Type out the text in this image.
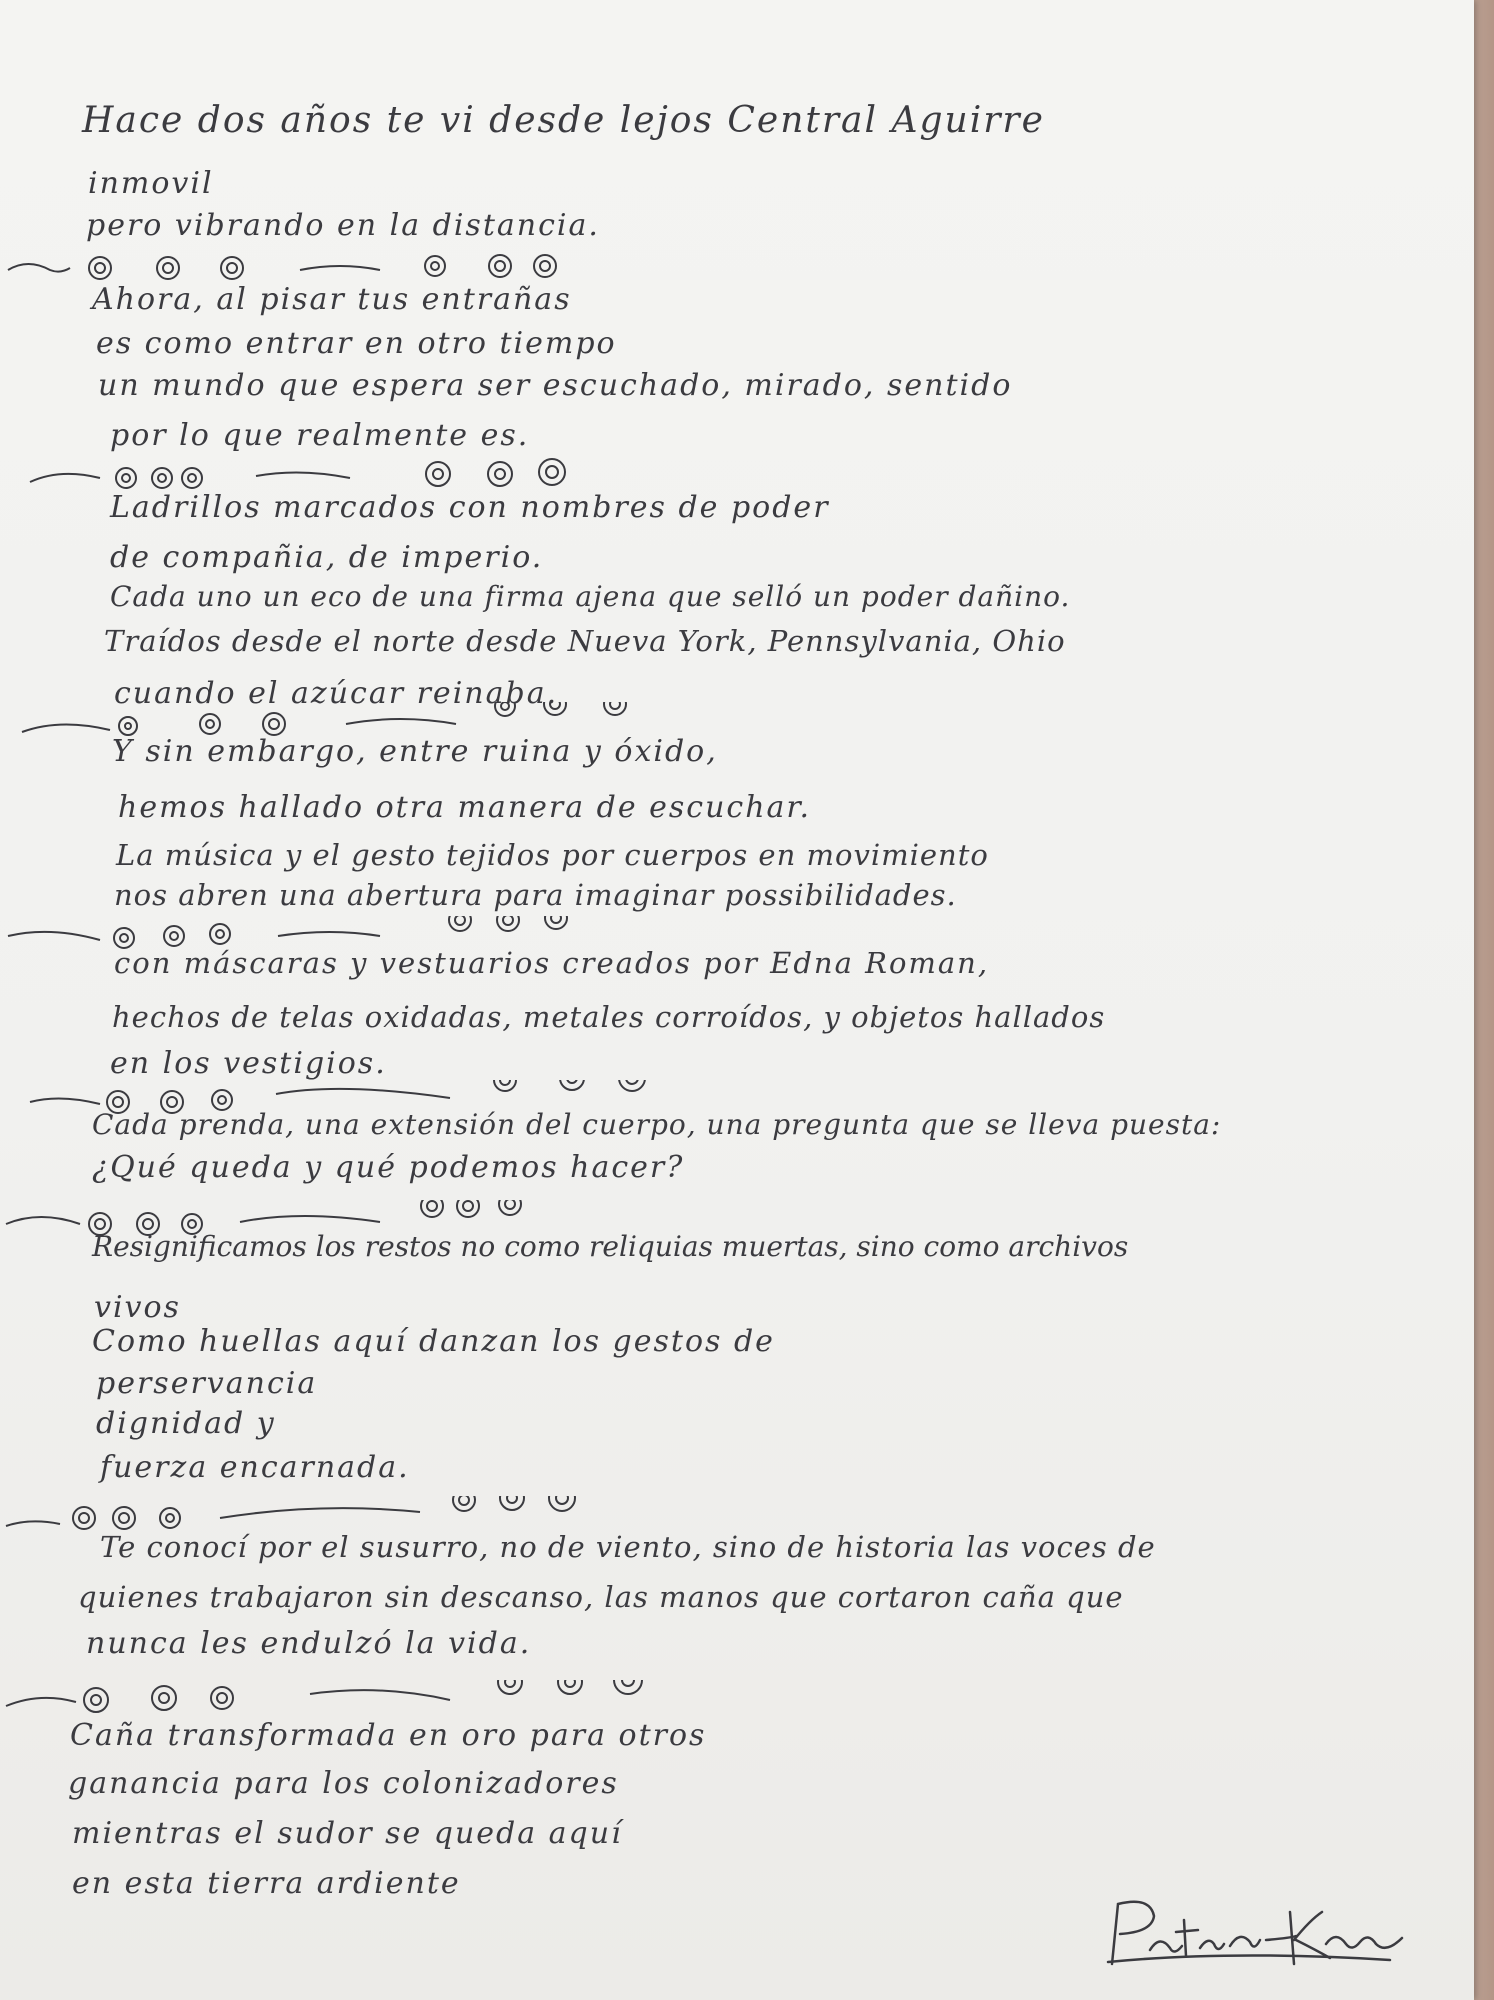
Hace dos años te vi desde lejos Central Aguirre
inmovil
pero vibrando en la distancia.
Ahora, al pisar tus entrañas
es como entrar en otro tiempo
un mundo que espera ser escuchado, mirado, sentido
por lo que realmente es.
Ladrillos marcados con nombres de poder
de compañia, de imperio.
Cada uno un eco de una firma ajena que selló un poder dañino.
Traídos desde el norte desde Nueva York, Pennsylvania, Ohio
cuando el azúcar reinaba.
Y sin embargo, entre ruina y óxido,
hemos hallado otra manera de escuchar.
La música y el gesto tejidos por cuerpos en movimiento
nos abren una abertura para imaginar possibilidades.
con máscaras y vestuarios creados por Edna Roman,
hechos de telas oxidadas, metales corroídos, y objetos hallados
en los vestigios.
Cada prenda, una extensión del cuerpo, una pregunta que se lleva puesta:
¿Qué queda y qué podemos hacer?
Resignificamos los restos no como reliquias muertas, sino como archivos
vivos
Como huellas aquí danzan los gestos de
perservancia
dignidad y
fuerza encarnada.
Te conocí por el susurro, no de viento, sino de historia las voces de
quienes trabajaron sin descanso, las manos que cortaron caña que
nunca les endulzó la vida.
Caña transformada en oro para otros
ganancia para los colonizadores
mientras el sudor se queda aquí
en esta tierra ardiente
